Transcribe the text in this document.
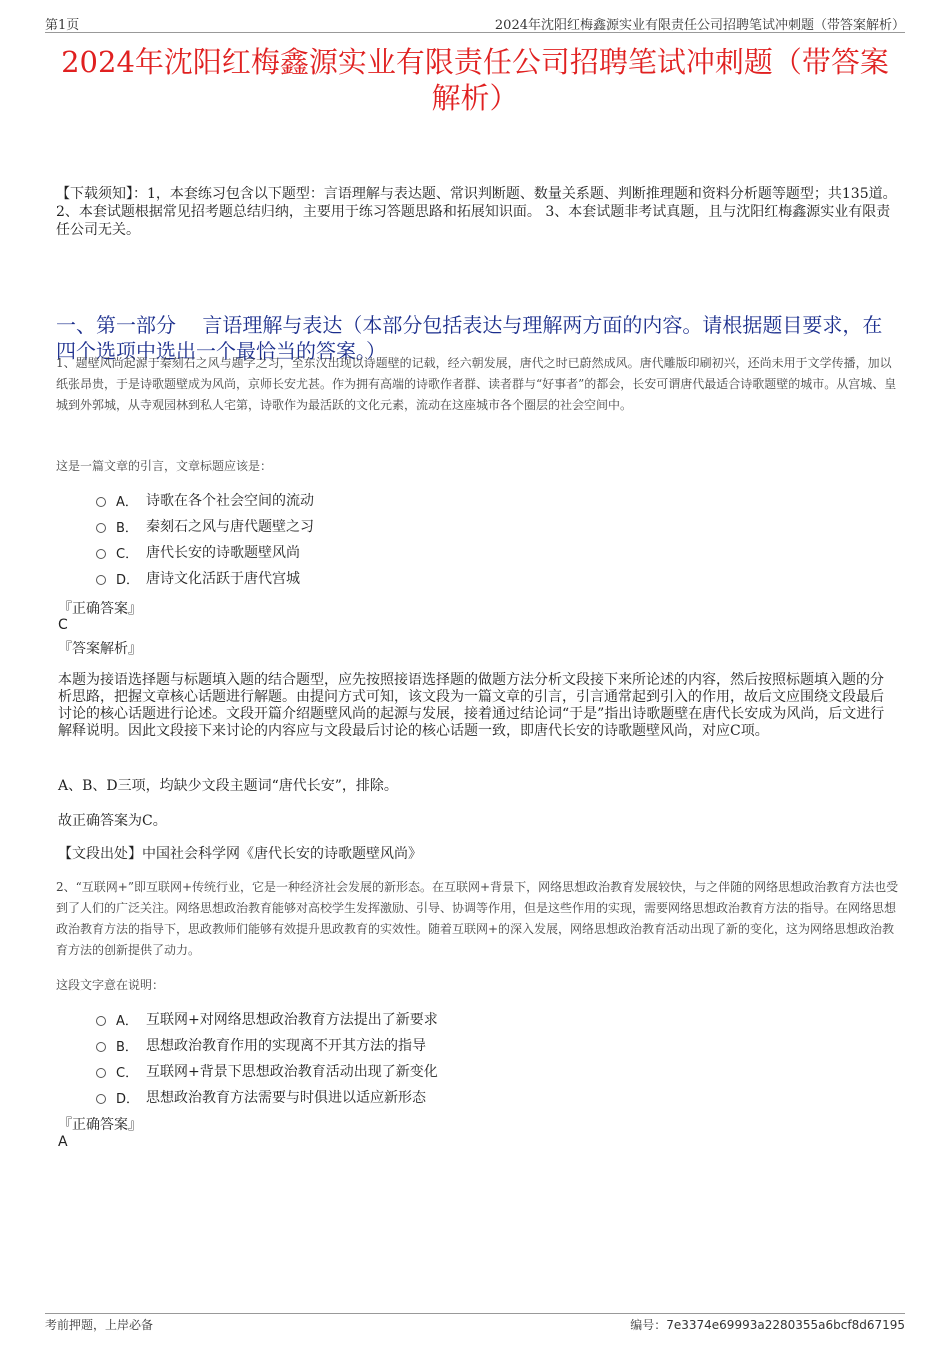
第1页	2024年沈阳红梅鑫源实业有限责任公司招聘笔试冲刺题（带答案解析）
2024年沈阳红梅鑫源实业有限责任公司招聘笔试冲刺题（带答案解析）
【下载须知】：1，本套练习包含以下题型：言语理解与表达题、常识判断题、数量关系题、判断推理题和资料分析题等题型；共135道。 2、本套试题根据常见招考题总结归纳，主要用于练习答题思路和拓展知识面。 3、本套试题非考试真题，且与沈阳红梅鑫源实业有限责任公司无关。
一、第一部分　 言语理解与表达（本部分包括表达与理解两方面的内容。请根据题目要求，在四个选项中选出一个最恰当的答案。）
1、题壁风尚起源于秦刻石之风与题字之习，至东汉出现以诗题壁的记载，经六朝发展，唐代之时已蔚然成风。唐代雕版印刷初兴，还尚未用于文学传播，加以纸张昂贵，于是诗歌题壁成为风尚，京师长安尤甚。作为拥有高端的诗歌作者群、读者群与“好事者”的都会，长安可谓唐代最适合诗歌题壁的城市。从宫城、皇城到外郭城，从寺观园林到私人宅第，诗歌作为最活跃的文化元素，流动在这座城市各个圈层的社会空间中。
这是一篇文章的引言，文章标题应该是：
A． 诗歌在各个社会空间的流动
B． 秦刻石之风与唐代题壁之习
C． 唐代长安的诗歌题壁风尚
D． 唐诗文化活跃于唐代宫城
『正确答案』
C
『答案解析』
本题为接语选择题与标题填入题的结合题型，应先按照接语选择题的做题方法分析文段接下来所论述的内容，然后按照标题填入题的分析思路，把握文章核心话题进行解题。由提问方式可知，该文段为一篇文章的引言，引言通常起到引入的作用，故后文应围绕文段最后讨论的核心话题进行论述。文段开篇介绍题壁风尚的起源与发展，接着通过结论词“于是”指出诗歌题壁在唐代长安成为风尚，后文进行解释说明。因此文段接下来讨论的内容应与文段最后讨论的核心话题一致，即唐代长安的诗歌题壁风尚，对应C项。
A、B、D三项，均缺少文段主题词“唐代长安”，排除。
故正确答案为C。
【文段出处】中国社会科学网《唐代长安的诗歌题壁风尚》
2、“互联网+”即互联网+传统行业，它是一种经济社会发展的新形态。在互联网+背景下，网络思想政治教育发展较快，与之伴随的网络思想政治教育方法也受到了人们的广泛关注。网络思想政治教育能够对高校学生发挥激励、引导、协调等作用，但是这些作用的实现，需要网络思想政治教育方法的指导。在网络思想政治教育方法的指导下，思政教师们能够有效提升思政教育的实效性。随着互联网+的深入发展，网络思想政治教育活动出现了新的变化，这为网络思想政治教育方法的创新提供了动力。
这段文字意在说明：
A． 互联网+对网络思想政治教育方法提出了新要求
B． 思想政治教育作用的实现离不开其方法的指导
C． 互联网+背景下思想政治教育活动出现了新变化
D． 思想政治教育方法需要与时俱进以适应新形态
『正确答案』
A
考前押题，上岸必备	编号：7e3374e69993a2280355a6bcf8d67195
